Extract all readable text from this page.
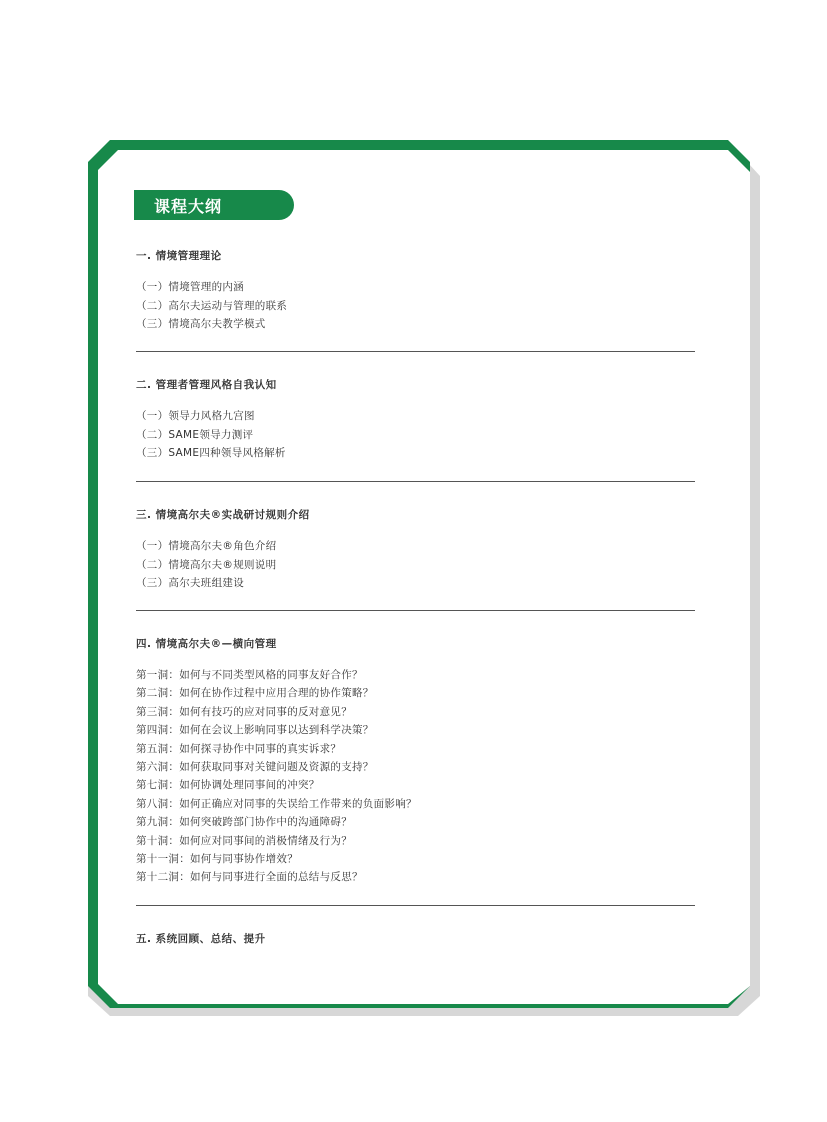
课程大纲
一. 情境管理理论
（一）情境管理的内涵
（二）高尔夫运动与管理的联系
（三）情境高尔夫教学模式
二. 管理者管理风格自我认知
（一）领导力风格九宫图
（二）SAME领导力测评
（三）SAME四种领导风格解析
三. 情境高尔夫®实战研讨规则介绍
（一）情境高尔夫®角色介绍
（二）情境高尔夫®规则说明
（三）高尔夫班组建设
四. 情境高尔夫®—横向管理
第一洞：如何与不同类型风格的同事友好合作？
第二洞：如何在协作过程中应用合理的协作策略？
第三洞：如何有技巧的应对同事的反对意见？
第四洞：如何在会议上影响同事以达到科学决策？
第五洞：如何探寻协作中同事的真实诉求？
第六洞：如何获取同事对关键问题及资源的支持？
第七洞：如何协调处理同事间的冲突？
第八洞：如何正确应对同事的失误给工作带来的负面影响？
第九洞：如何突破跨部门协作中的沟通障碍？
第十洞：如何应对同事间的消极情绪及行为？
第十一洞：如何与同事协作增效？
第十二洞：如何与同事进行全面的总结与反思？
五. 系统回顾、总结、提升
